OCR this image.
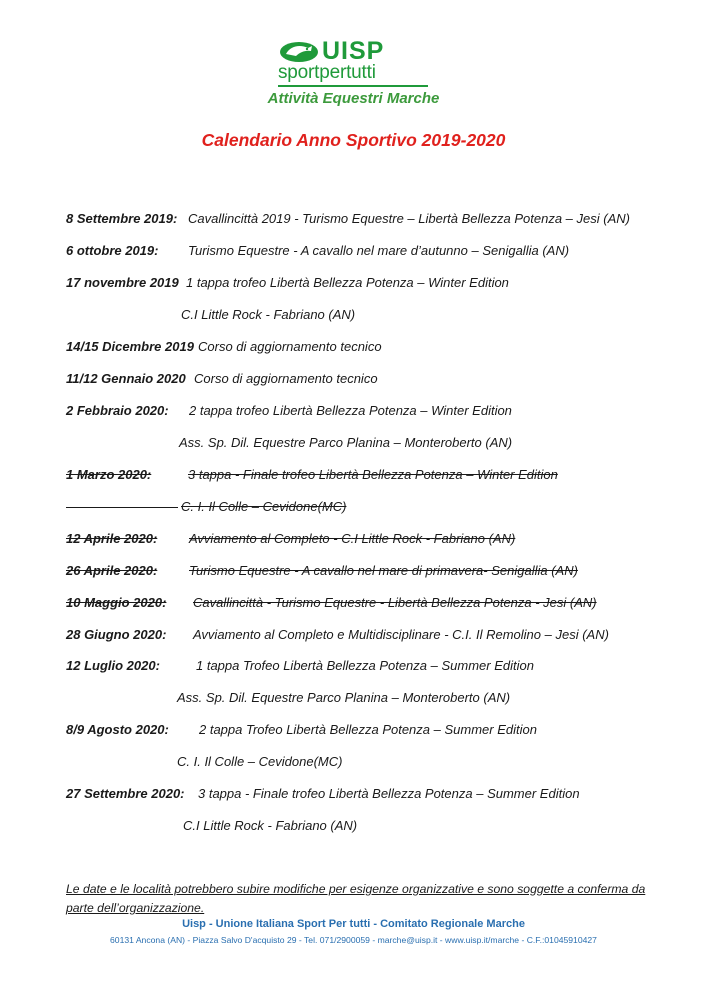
UISP
sportpertutti
Attività Equestri Marche
Calendario Anno Sportivo 2019-2020
8 Settembre 2019: Cavallincittà 2019 - Turismo Equestre – Libertà Bellezza Potenza – Jesi (AN)
6 ottobre 2019: Turismo Equestre - A cavallo nel mare d’autunno – Senigallia (AN)
17 novembre 2019 1 tappa trofeo Libertà Bellezza Potenza – Winter Edition
C.I Little Rock - Fabriano (AN)
14/15 Dicembre 2019 Corso di aggiornamento tecnico
11/12 Gennaio 2020 Corso di aggiornamento tecnico
2 Febbraio 2020: 2 tappa trofeo Libertà Bellezza Potenza – Winter Edition
Ass. Sp. Dil. Equestre Parco Planina – Monteroberto (AN)
1 Marzo 2020:	3 tappa - Finale trofeo Libertà Bellezza Potenza – Winter Edition
C. I. Il Colle – Cevidone(MC)
12 Aprile 2020: Avviamento al Completo - C.I Little Rock - Fabriano (AN)
26 Aprile 2020: Turismo Equestre - A cavallo nel mare di primavera- Senigallia (AN)
10 Maggio 2020: Cavallincittà - Turismo Equestre - Libertà Bellezza Potenza - Jesi (AN)
28 Giugno 2020: Avviamento al Completo e Multidisciplinare - C.I. Il Remolino – Jesi (AN)
12 Luglio 2020:	1 tappa Trofeo Libertà Bellezza Potenza – Summer Edition
Ass. Sp. Dil. Equestre Parco Planina – Monteroberto (AN)
8/9 Agosto 2020: 2 tappa Trofeo Libertà Bellezza Potenza – Summer Edition
C. I. Il Colle – Cevidone(MC)
27 Settembre 2020: 3 tappa - Finale trofeo Libertà Bellezza Potenza – Summer Edition
C.I Little Rock - Fabriano (AN)
Le date e le località potrebbero subire modifiche per esigenze organizzative e sono soggette a conferma da parte dell’organizzazione.
Uisp - Unione Italiana Sport Per tutti - Comitato Regionale Marche
60131 Ancona (AN) - Piazza Salvo D'acquisto 29 - Tel. 071/2900059 - marche@uisp.it - www.uisp.it/marche - C.F.:01045910427
